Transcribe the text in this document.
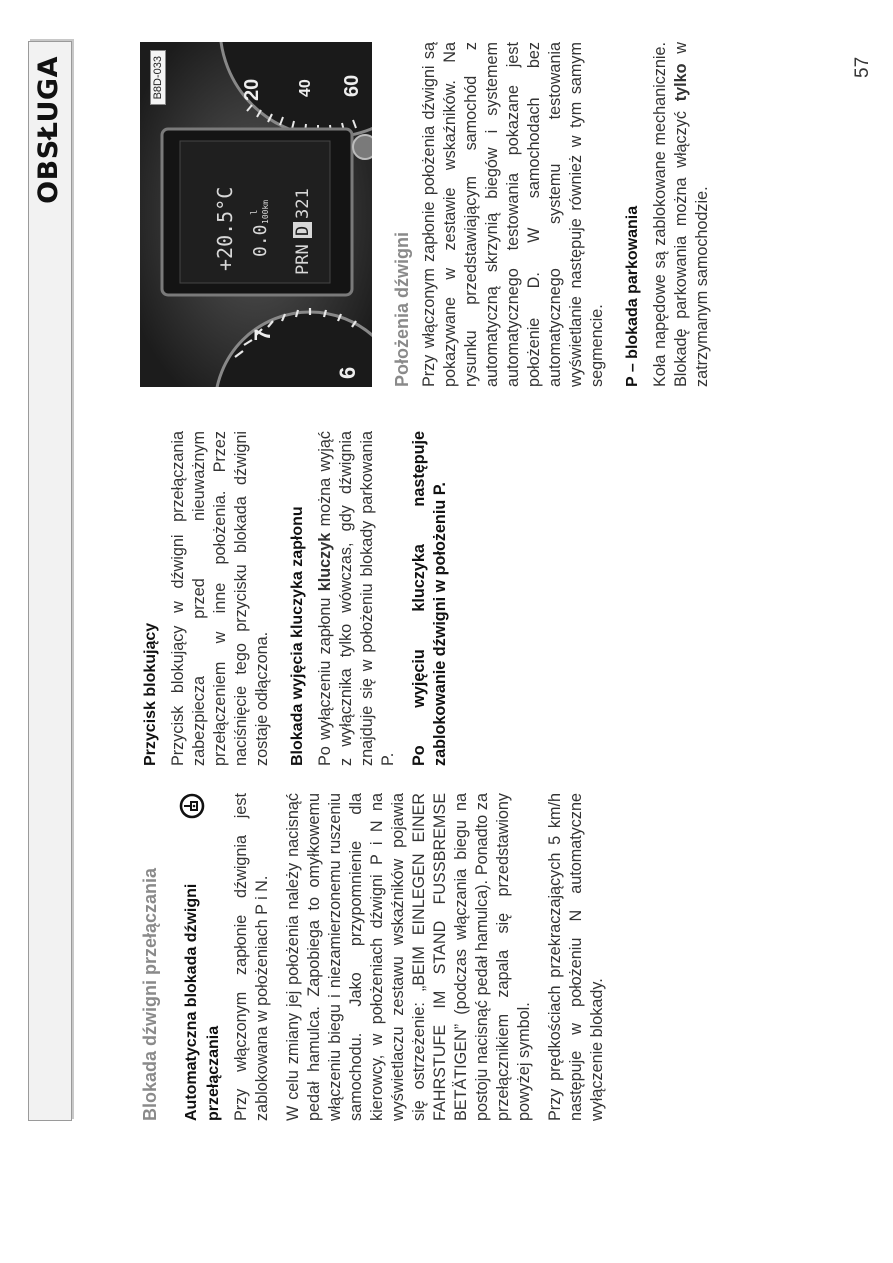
OBSŁUGA
Blokada dźwigni przełączania Automatyczna blokada dźwigni przełączania Przy włączonym zapłonie dźwignia jest zablokowana w położeniach P i N. W celu zmiany jej położenia należy nacisnąć pedał hamulca. Zapobiega to omyłkowemu włączeniu biegu i niezamierzonemu ruszeniu samochodu. Jako przypomnienie dla kierowcy, w położeniach dźwigni P i N na wyświetlaczu zestawu wskaźników pojawia się ostrzeżenie: „BEIM EINLEGEN EINER FAHRSTUFE IM STAND FUSSBREMSE BETÄTIGEN” (podczas włączania biegu na postoju nacisnąć pedał hamulca). Ponadto za przełącznikiem zapala się przedstawiony powyżej symbol. Przy prędkościach przekraczających 5 km/h następuje w położeniu N automatyczne wyłączenie blokady.

Przycisk blokujący Przycisk blokujący w dźwigni przełączania zabezpiecza przed nieuważnym przełączeniem w inne położenia. Przez naciśnięcie tego przycisku blokada dźwigni zostaje odłączona. Blokada wyjęcia kluczyka zapłonu Po wyłączeniu zapłonu kluczyk można wyjąć z wyłącznika tylko wówczas, gdy dźwignia znajduje się w położeniu blokady parkowania P. Po wyjęciu kluczyka następuje zablokowanie dźwigni w położeniu P.

6
7
60
40
20
+20.5°C 0.0
l 100km
PRN
D
321
B8D-033
Położenia dźwigni Przy włączonym zapłonie położenia dźwigni są pokazywane w zestawie wskaźników. Na rysunku przedstawiającym samochód z automatyczną skrzynią biegów i systemem automatycznego testowania pokazane jest położenie D. W samochodach bez automatycznego systemu testowania wyświetlanie następuje również w tym samym segmencie. P – blokada parkowania Koła napędowe są zablokowane mechanicznie. Blokadę parkowania można włączyć tylko w zatrzymanym samochodzie.

57
